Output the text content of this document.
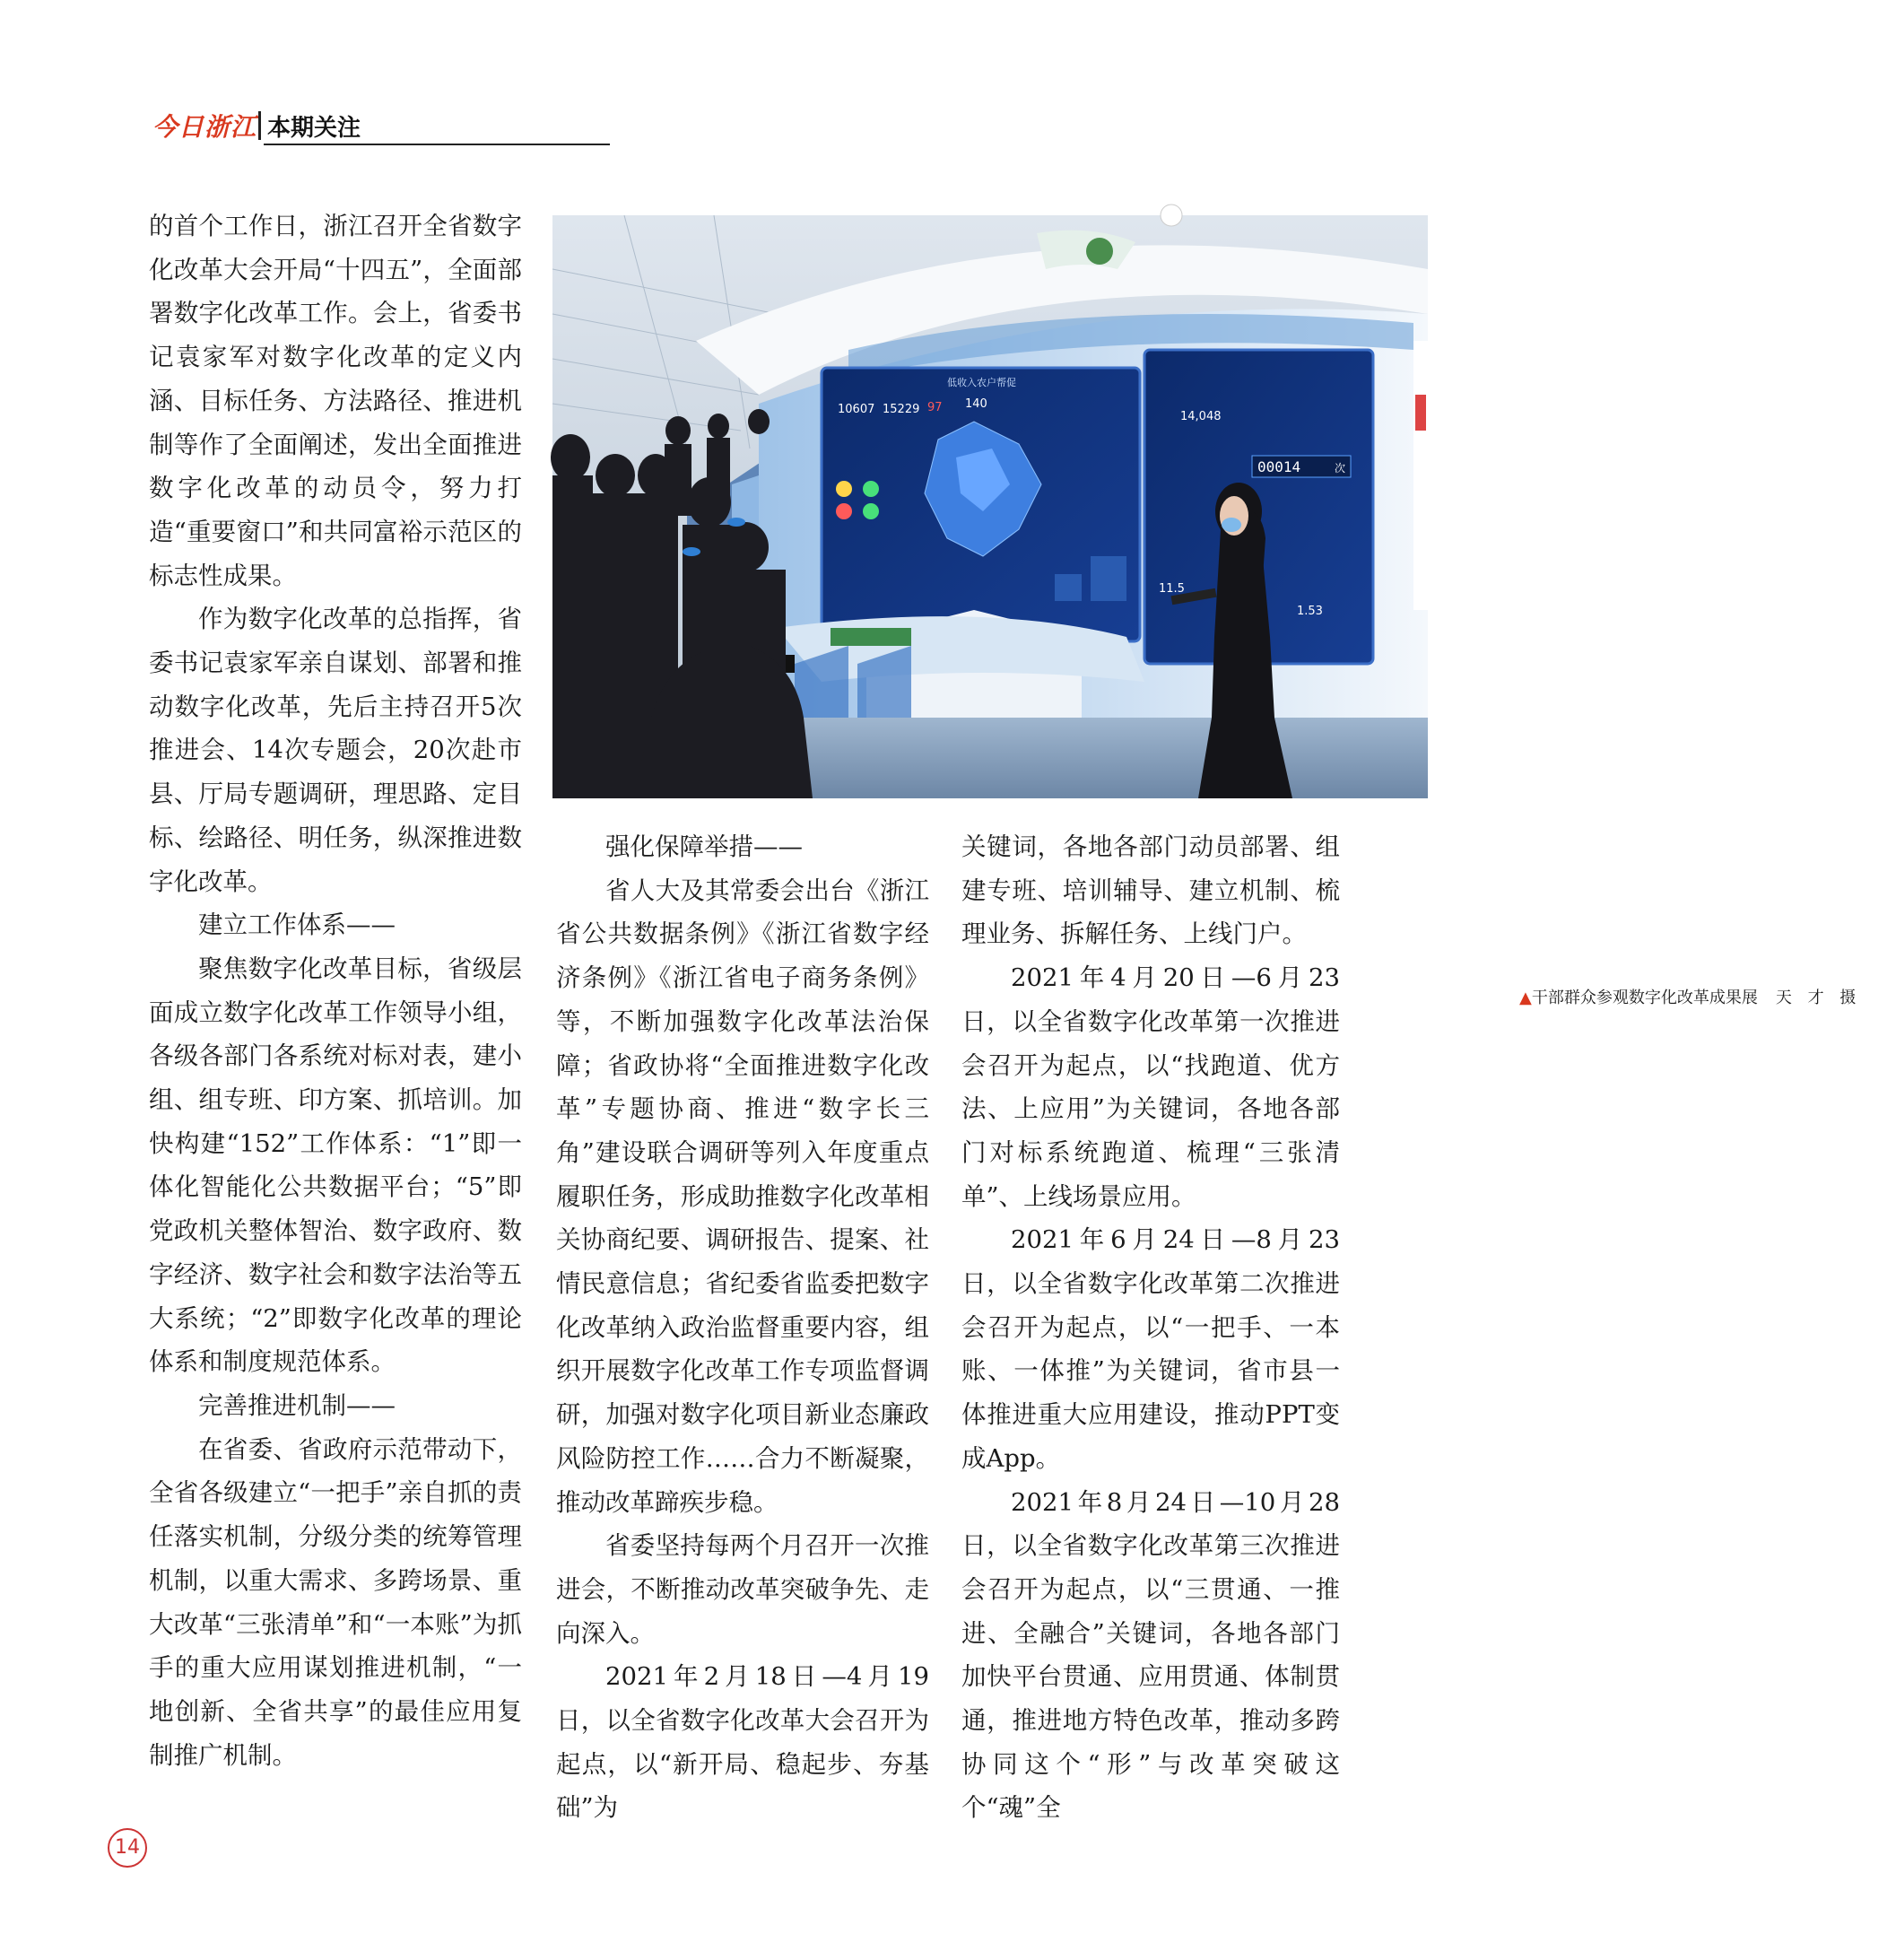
今日浙江 本期关注

的首个工作日，浙江召开全省数字化改革大会开局“十四五”，全面部署数字化改革工作。会上，省委书记袁家军对数字化改革的定义内涵、目标任务、方法路径、推进机制等作了全面阐述，发出全面推进数字化改革的动员令，努力打造“重要窗口”和共同富裕示范区的标志性成果。

作为数字化改革的总指挥，省委书记袁家军亲自谋划、部署和推动数字化改革，先后主持召开5次推进会、14次专题会，20次赴市县、厅局专题调研，理思路、定目标、绘路径、明任务，纵深推进数字化改革。

建立工作体系——

聚焦数字化改革目标，省级层面成立数字化改革工作领导小组，各级各部门各系统对标对表，建小组、组专班、印方案、抓培训。加快构建“152”工作体系：“1”即一体化智能化公共数据平台；“5”即党政机关整体智治、数字政府、数字经济、数字社会和数字法治等五大系统；“2”即数字化改革的理论体系和制度规范体系。

完善推进机制——

在省委、省政府示范带动下，全省各级建立“一把手”亲自抓的责任落实机制，分级分类的统筹管理机制，以重大需求、多跨场景、重大改革“三张清单”和“一本账”为抓手的重大应用谋划推进机制，“一地创新、全省共享”的最佳应用复制推广机制。

低收入农户帮促
10607 15229 97 140
14,048
11.5
1.53
00014	次
▲干部群众参观数字化改革成果展 天 才 摄

强化保障举措——

省人大及其常委会出台《浙江省公共数据条例》《浙江省数字经济条例》《浙江省电子商务条例》等，不断加强数字化改革法治保障；省政协将“全面推进数字化改革”专题协商、推进“数字长三角”建设联合调研等列入年度重点履职任务，形成助推数字化改革相关协商纪要、调研报告、提案、社情民意信息；省纪委省监委把数字化改革纳入政治监督重要内容，组织开展数字化改革工作专项监督调研，加强对数字化项目新业态廉政风险防控工作……合力不断凝聚，推动改革蹄疾步稳。

省委坚持每两个月召开一次推进会，不断推动改革突破争先、走向深入。

2021年2月18日—4月19日，以全省数字化改革大会召开为起点，以“新开局、稳起步、夯基础”为

关键词，各地各部门动员部署、组建专班、培训辅导、建立机制、梳理业务、拆解任务、上线门户。

2021年4月20日—6月23日，以全省数字化改革第一次推进会召开为起点，以“找跑道、优方法、上应用”为关键词，各地各部门对标系统跑道、梳理“三张清单”、上线场景应用。

2021年6月24日—8月23日，以全省数字化改革第二次推进会召开为起点，以“一把手、一本账、一体推”为关键词，省市县一体推进重大应用建设，推动PPT变成App。

2021年8月24日—10月28日，以全省数字化改革第三次推进会召开为起点，以“三贯通、一推进、全融合”关键词，各地各部门加快平台贯通、应用贯通、体制贯通，推进地方特色改革，推动多跨协同这个“形”与改革突破这个“魂”全

14
